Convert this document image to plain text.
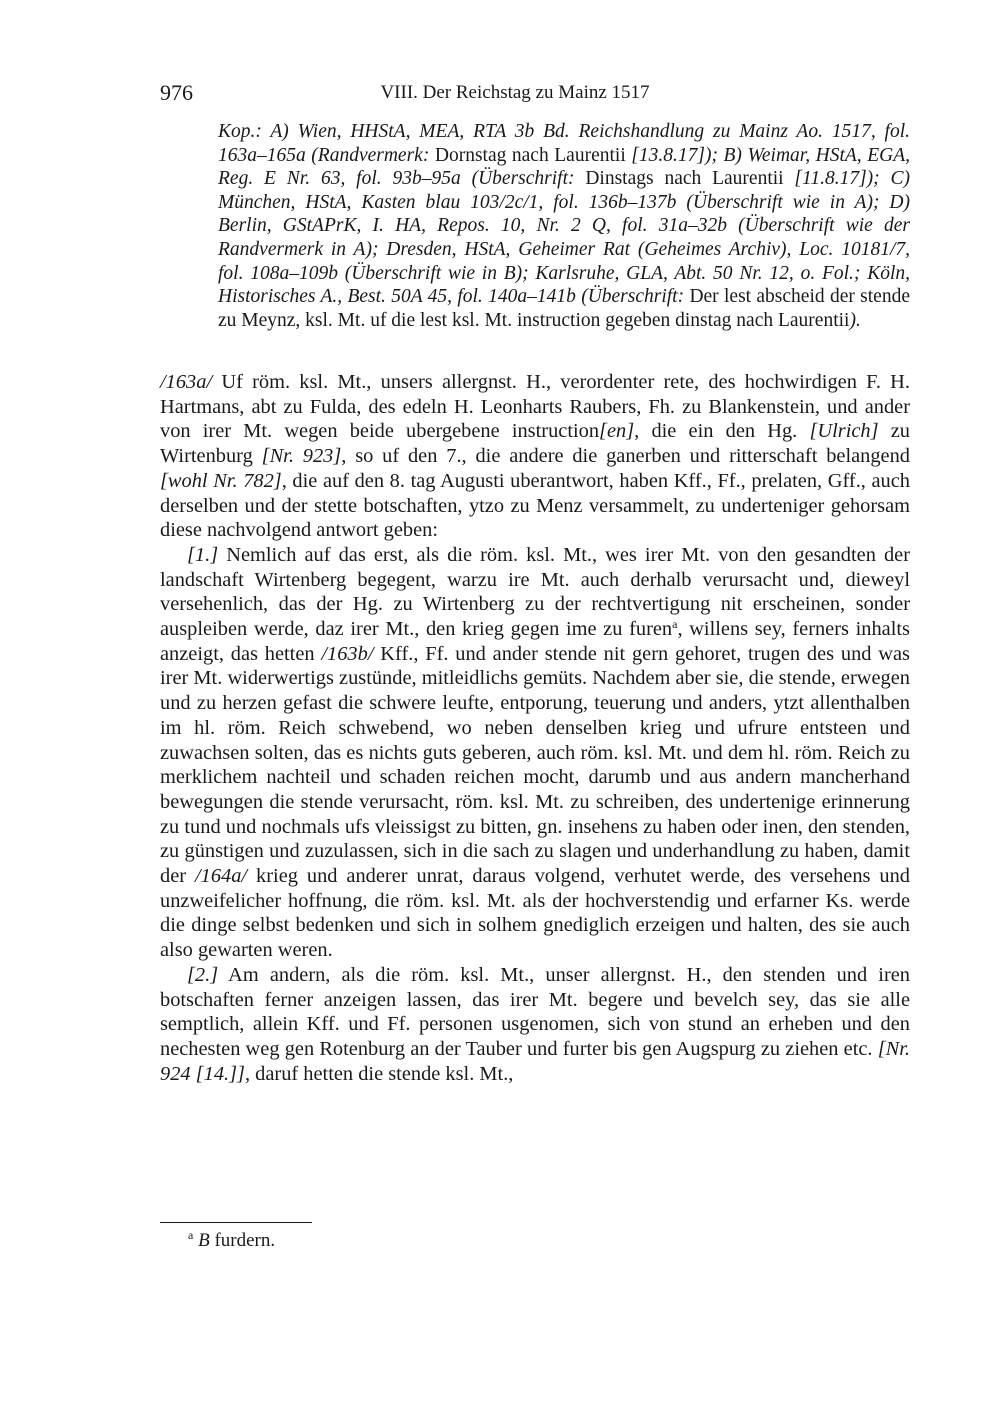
976	VIII. Der Reichstag zu Mainz 1517
Kop.: A) Wien, HHStA, MEA, RTA 3b Bd. Reichshandlung zu Mainz Ao. 1517, fol. 163a–165a (Randvermerk: Dornstag nach Laurentii [13.8.17]); B) Weimar, HStA, EGA, Reg. E Nr. 63, fol. 93b–95a (Überschrift: Dinstags nach Laurentii [11.8.17]); C) München, HStA, Kasten blau 103/2c/1, fol. 136b–137b (Überschrift wie in A); D) Berlin, GStAPrK, I. HA, Repos. 10, Nr. 2 Q, fol. 31a–32b (Überschrift wie der Randvermerk in A); Dresden, HStA, Geheimer Rat (Geheimes Archiv), Loc. 10181/7, fol. 108a–109b (Überschrift wie in B); Karlsruhe, GLA, Abt. 50 Nr. 12, o. Fol.; Köln, Historisches A., Best. 50A 45, fol. 140a–141b (Überschrift: Der lest abscheid der stende zu Meynz, ksl. Mt. uf die lest ksl. Mt. instruction gegeben dinstag nach Laurentii).

/163a/ Uf röm. ksl. Mt., unsers allergnst. H., verordenter rete, des hochwirdigen F. H. Hartmans, abt zu Fulda, des edeln H. Leonharts Raubers, Fh. zu Blankenstein, und ander von irer Mt. wegen beide ubergebene instruction[en], die ein den Hg. [Ulrich] zu Wirtenburg [Nr. 923], so uf den 7., die andere die ganerben und ritterschaft belangend [wohl Nr. 782], die auf den 8. tag Augusti uberantwort, haben Kff., Ff., prelaten, Gff., auch derselben und der stette botschaften, ytzo zu Menz versammelt, zu underteniger gehorsam diese nachvolgend antwort geben:

[1.] Nemlich auf das erst, als die röm. ksl. Mt., wes irer Mt. von den gesandten der landschaft Wirtenberg begegent, warzu ire Mt. auch derhalb verursacht und, dieweyl versehenlich, das der Hg. zu Wirtenberg zu der rechtvertigung nit erscheinen, sonder auspleiben werde, daz irer Mt., den krieg gegen ime zu furen$^a$, willens sey, ferners inhalts anzeigt, das hetten /163b/ Kff., Ff. und ander stende nit gern gehoret, trugen des und was irer Mt. widerwertigs zustünde, mitleidlichs gemüts. Nachdem aber sie, die stende, erwegen und zu herzen gefast die schwere leufte, entporung, teuerung und anders, ytzt allenthalben im hl. röm. Reich schwebend, wo neben denselben krieg und ufrure entsteen und zuwachsen solten, das es nichts guts geberen, auch röm. ksl. Mt. und dem hl. röm. Reich zu merklichem nachteil und schaden reichen mocht, darumb und aus andern mancherhand bewegungen die stende verursacht, röm. ksl. Mt. zu schreiben, des undertenige erinnerung zu tund und nochmals ufs vleissigst zu bitten, gn. insehens zu haben oder inen, den stenden, zu günstigen und zuzulassen, sich in die sach zu slagen und underhandlung zu haben, damit der /164a/ krieg und anderer unrat, daraus volgend, verhutet werde, des versehens und unzweifelicher hoffnung, die röm. ksl. Mt. als der hochverstendig und erfarner Ks. werde die dinge selbst bedenken und sich in solhem gnediglich erzeigen und halten, des sie auch also gewarten weren.

[2.] Am andern, als die röm. ksl. Mt., unser allergnst. H., den stenden und iren botschaften ferner anzeigen lassen, das irer Mt. begere und bevelch sey, das sie alle semptlich, allein Kff. und Ff. personen usgenomen, sich von stund an erheben und den nechesten weg gen Rotenburg an der Tauber und furter bis gen Augspurg zu ziehen etc. [Nr. 924 [14.]], daruf hetten die stende ksl. Mt.,

$^a$ B furdern.
